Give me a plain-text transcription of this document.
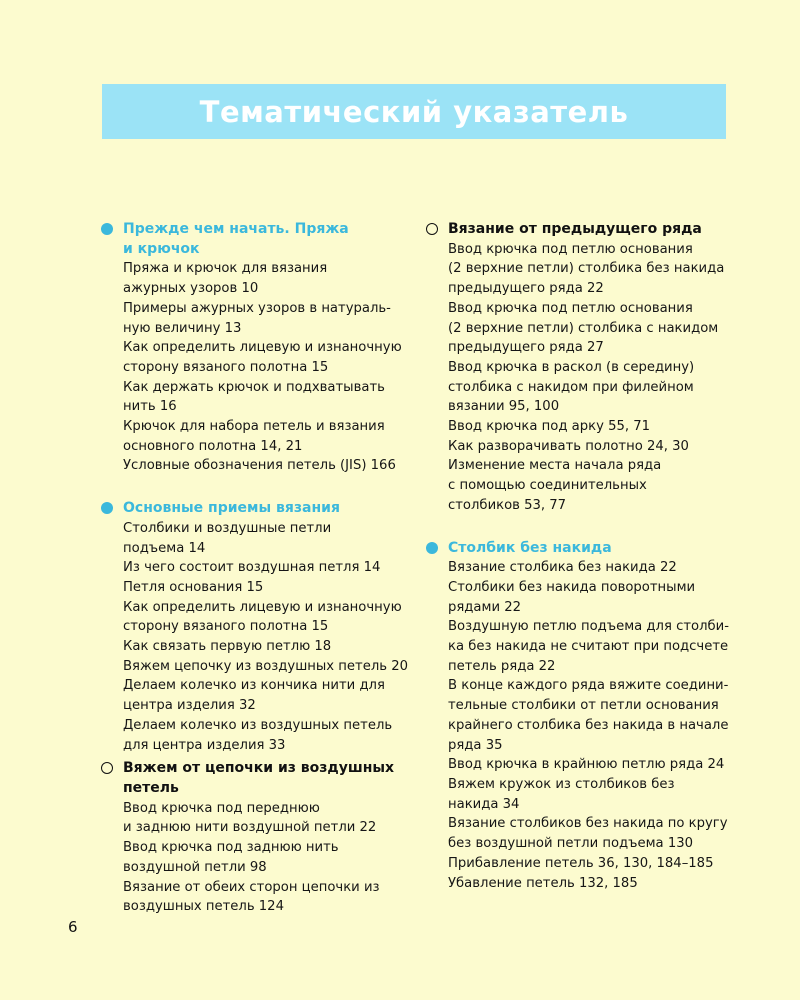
Тематический указатель
Прежде чем начать. Пряжа
и крючок
Пряжа и крючок для вязания
ажурных узоров 10
Примеры ажурных узоров в натураль-
ную величину 13
Как определить лицевую и изнаночную
сторону вязаного полотна 15
Как держать крючок и подхватывать
нить 16
Крючок для набора петель и вязания
основного полотна 14, 21
Условные обозначения петель (JIS) 166
Основные приемы вязания
Столбики и воздушные петли
подъема 14
Из чего состоит воздушная петля 14
Петля основания 15
Как определить лицевую и изнаночную
сторону вязаного полотна 15
Как связать первую петлю 18
Вяжем цепочку из воздушных петель 20
Делаем колечко из кончика нити для
центра изделия 32
Делаем колечко из воздушных петель
для центра изделия 33
Вяжем от цепочки из воздушных
петель
Ввод крючка под переднюю
и заднюю нити воздушной петли 22
Ввод крючка под заднюю нить
воздушной петли 98
Вязание от обеих сторон цепочки из
воздушных петель 124
Вязание от предыдущего ряда
Ввод крючка под петлю основания
(2 верхние петли) столбика без накида
предыдущего ряда 22
Ввод крючка под петлю основания
(2 верхние петли) столбика с накидом
предыдущего ряда 27
Ввод крючка в раскол (в середину)
столбика с накидом при филейном
вязании 95, 100
Ввод крючка под арку 55, 71
Как разворачивать полотно 24, 30
Изменение места начала ряда
с помощью соединительных
столбиков 53, 77
Столбик без накида
Вязание столбика без накида 22
Столбики без накида поворотными
рядами 22
Воздушную петлю подъема для столби-
ка без накида не считают при подсчете
петель ряда 22
В конце каждого ряда вяжите соедини-
тельные столбики от петли основания
крайнего столбика без накида в начале
ряда 35
Ввод крючка в крайнюю петлю ряда 24
Вяжем кружок из столбиков без
накида 34
Вязание столбиков без накида по кругу
без воздушной петли подъема 130
Прибавление петель 36, 130, 184–185
Убавление петель 132, 185
6
